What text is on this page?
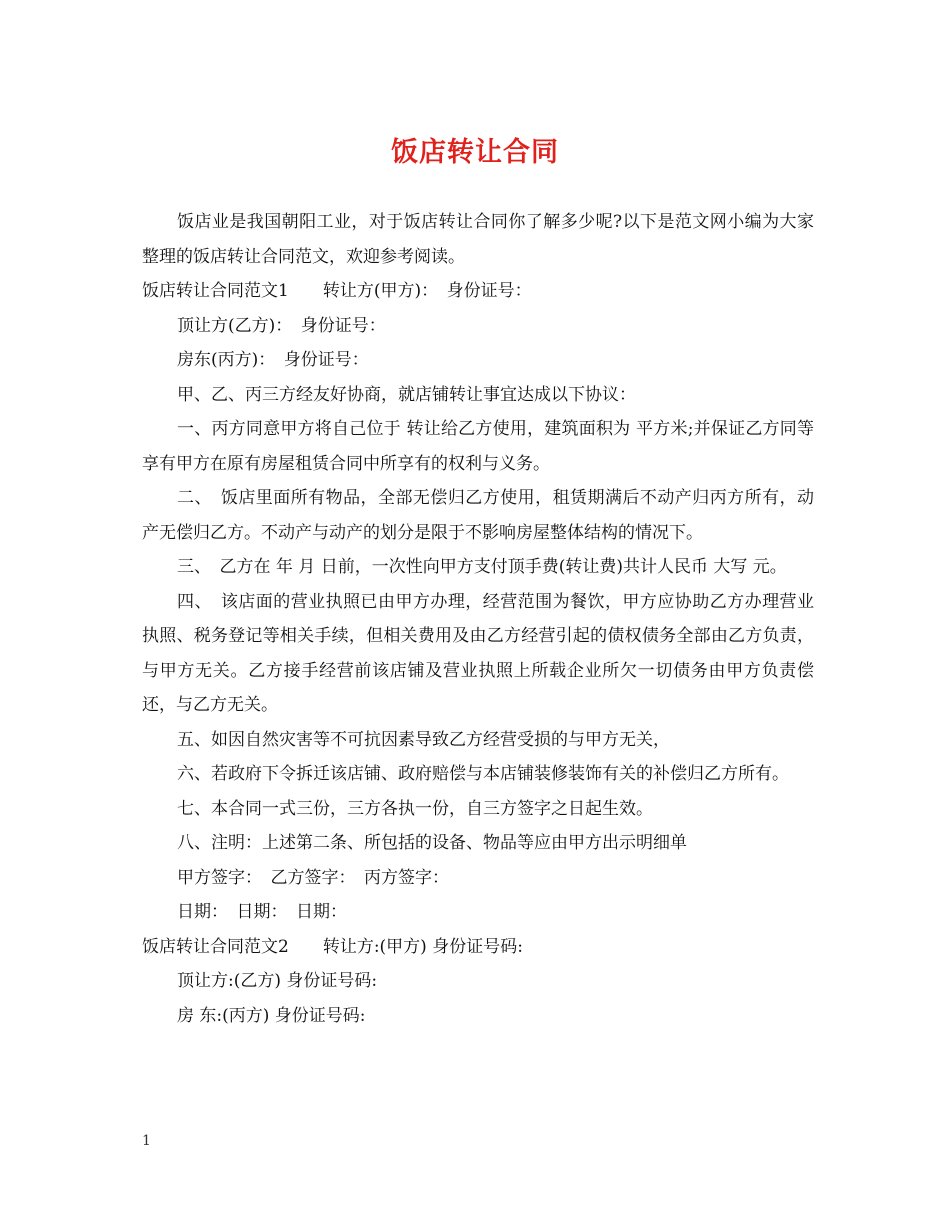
饭店转让合同

饭店业是我国朝阳工业，对于饭店转让合同你了解多少呢?以下是范文网小编为大家整理的饭店转让合同范文，欢迎参考阅读。

饭店转让合同范文1　　转让方(甲方)：　身份证号：

顶让方(乙方)：　身份证号：

房东(丙方)：　身份证号：

甲、乙、丙三方经友好协商，就店铺转让事宜达成以下协议：

一、丙方同意甲方将自己位于 转让给乙方使用，建筑面积为 平方米;并保证乙方同等享有甲方在原有房屋租赁合同中所享有的权利与义务。

二、　饭店里面所有物品，全部无偿归乙方使用，租赁期满后不动产归丙方所有，动产无偿归乙方。不动产与动产的划分是限于不影响房屋整体结构的情况下。

三、　乙方在 年 月 日前，一次性向甲方支付顶手费(转让费)共计人民币 大写 元。

四、　该店面的营业执照已由甲方办理，经营范围为餐饮，甲方应协助乙方办理营业执照、税务登记等相关手续，但相关费用及由乙方经营引起的债权债务全部由乙方负责，与甲方无关。乙方接手经营前该店铺及营业执照上所载企业所欠一切债务由甲方负责偿还，与乙方无关。

五、如因自然灾害等不可抗因素导致乙方经营受损的与甲方无关，

六、若政府下令拆迁该店铺、政府赔偿与本店铺装修装饰有关的补偿归乙方所有。

七、本合同一式三份，三方各执一份，自三方签字之日起生效。

八、注明：上述第二条、所包括的设备、物品等应由甲方出示明细单

甲方签字：　乙方签字：　丙方签字：

日期：　日期：　日期：

饭店转让合同范文2　　转让方:(甲方) 身份证号码:

顶让方:(乙方) 身份证号码:

房 东:(丙方) 身份证号码:

1
